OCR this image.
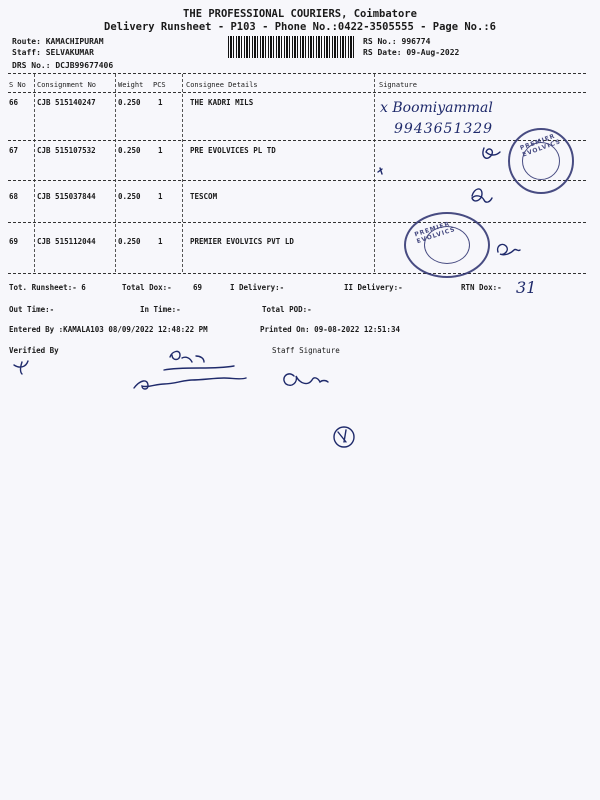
THE PROFESSIONAL COURIERS, Coimbatore
Delivery Runsheet - P103 - Phone No.:0422-3505555 - Page No.:6
Route: KAMACHIPURAM
Staff: SELVAKUMAR
DRS No.: DCJB99677406
RS No.: 996774
RS Date: 09-Aug-2022
S No Consignment No	Weight PCS	Consignee Details	Signature
66	CJB 515140247	0.250 1	THE KADRI MILS	x Boomiyammal
9943651329
67	CJB 515107532	0.250 1	PRE EVOLVICES PL TD
68	CJB 515037844	0.250 1	TESCOM
69	CJB 515112044	0.250 1	PREMIER EVOLVICS PVT LD
PREMIER EVOLVICS
PREMIER EVOLVICS
Tot. Runsheet:- 6	Total Dox:-	69	I Delivery:-	II Delivery:-	RTN Dox:- 31
Out Time:-	In Time:-	Total POD:-
Entered By :KAMALA103 08/09/2022 12:48:22 PM	Printed On: 09-08-2022 12:51:34
Verified By	Staff Signature
